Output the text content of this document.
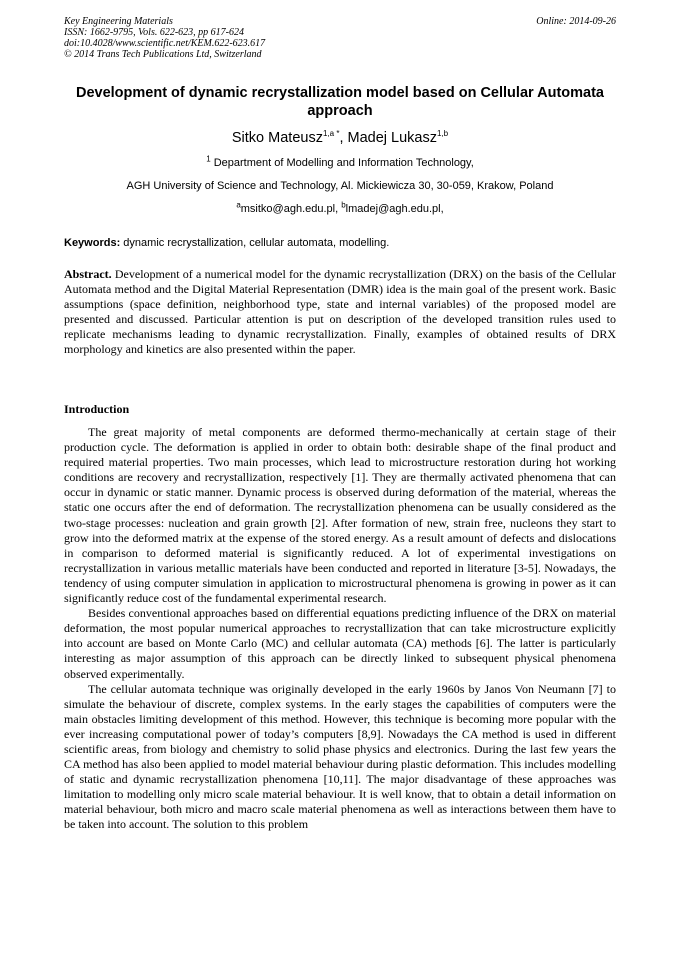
Key Engineering Materials
ISSN: 1662-9795, Vols. 622-623, pp 617-624
doi:10.4028/www.scientific.net/KEM.622-623.617
© 2014 Trans Tech Publications Ltd, Switzerland
Online: 2014-09-26
Development of dynamic recrystallization model based on Cellular Automata approach
Sitko Mateusz$^{1,a *}$, Madej Lukasz$^{1,b}$
$^1$ Department of Modelling and Information Technology,
AGH University of Science and Technology, Al. Mickiewicza 30, 30-059, Krakow, Poland
$^a$msitko@agh.edu.pl, $^b$lmadej@agh.edu.pl,
Keywords: dynamic recrystallization, cellular automata, modelling.

Abstract. Development of a numerical model for the dynamic recrystallization (DRX) on the basis of the Cellular Automata method and the Digital Material Representation (DMR) idea is the main goal of the present work. Basic assumptions (space definition, neighborhood type, state and internal variables) of the proposed model are presented and discussed. Particular attention is put on description of the developed transition rules used to replicate mechanisms leading to dynamic recrystallization. Finally, examples of obtained results of DRX morphology and kinetics are also presented within the paper.

Introduction

The great majority of metal components are deformed thermo-mechanically at certain stage of their production cycle. The deformation is applied in order to obtain both: desirable shape of the final product and required material properties. Two main processes, which lead to microstructure restoration during hot working conditions are recovery and recrystallization, respectively [1]. They are thermally activated phenomena that can occur in dynamic or static manner. Dynamic process is observed during deformation of the material, whereas the static one occurs after the end of deformation. The recrystallization phenomena can be usually considered as the two-stage processes: nucleation and grain growth [2]. After formation of new, strain free, nucleons they start to grow into the deformed matrix at the expense of the stored energy. As a result amount of defects and dislocations in comparison to deformed material is significantly reduced. A lot of experimental investigations on recrystallization in various metallic materials have been conducted and reported in literature [3-5]. Nowadays, the tendency of using computer simulation in application to microstructural phenomena is growing in power as it can significantly reduce cost of the fundamental experimental research.

Besides conventional approaches based on differential equations predicting influence of the DRX on material deformation, the most popular numerical approaches to recrystallization that can take microstructure explicitly into account are based on Monte Carlo (MC) and cellular automata (CA) methods [6]. The latter is particularly interesting as major assumption of this approach can be directly linked to subsequent physical phenomena observed experimentally.

The cellular automata technique was originally developed in the early 1960s by Janos Von Neumann [7] to simulate the behaviour of discrete, complex systems. In the early stages the capabilities of computers were the main obstacles limiting development of this method. However, this technique is becoming more popular with the ever increasing computational power of today’s computers [8,9]. Nowadays the CA method is used in different scientific areas, from biology and chemistry to solid phase physics and electronics. During the last few years the CA method has also been applied to model material behaviour during plastic deformation. This includes modelling of static and dynamic recrystallization phenomena [10,11]. The major disadvantage of these approaches was limitation to modelling only micro scale material behaviour. It is well know, that to obtain a detail information on material behaviour, both micro and macro scale material phenomena as well as interactions between them have to be taken into account. The solution to this problem
